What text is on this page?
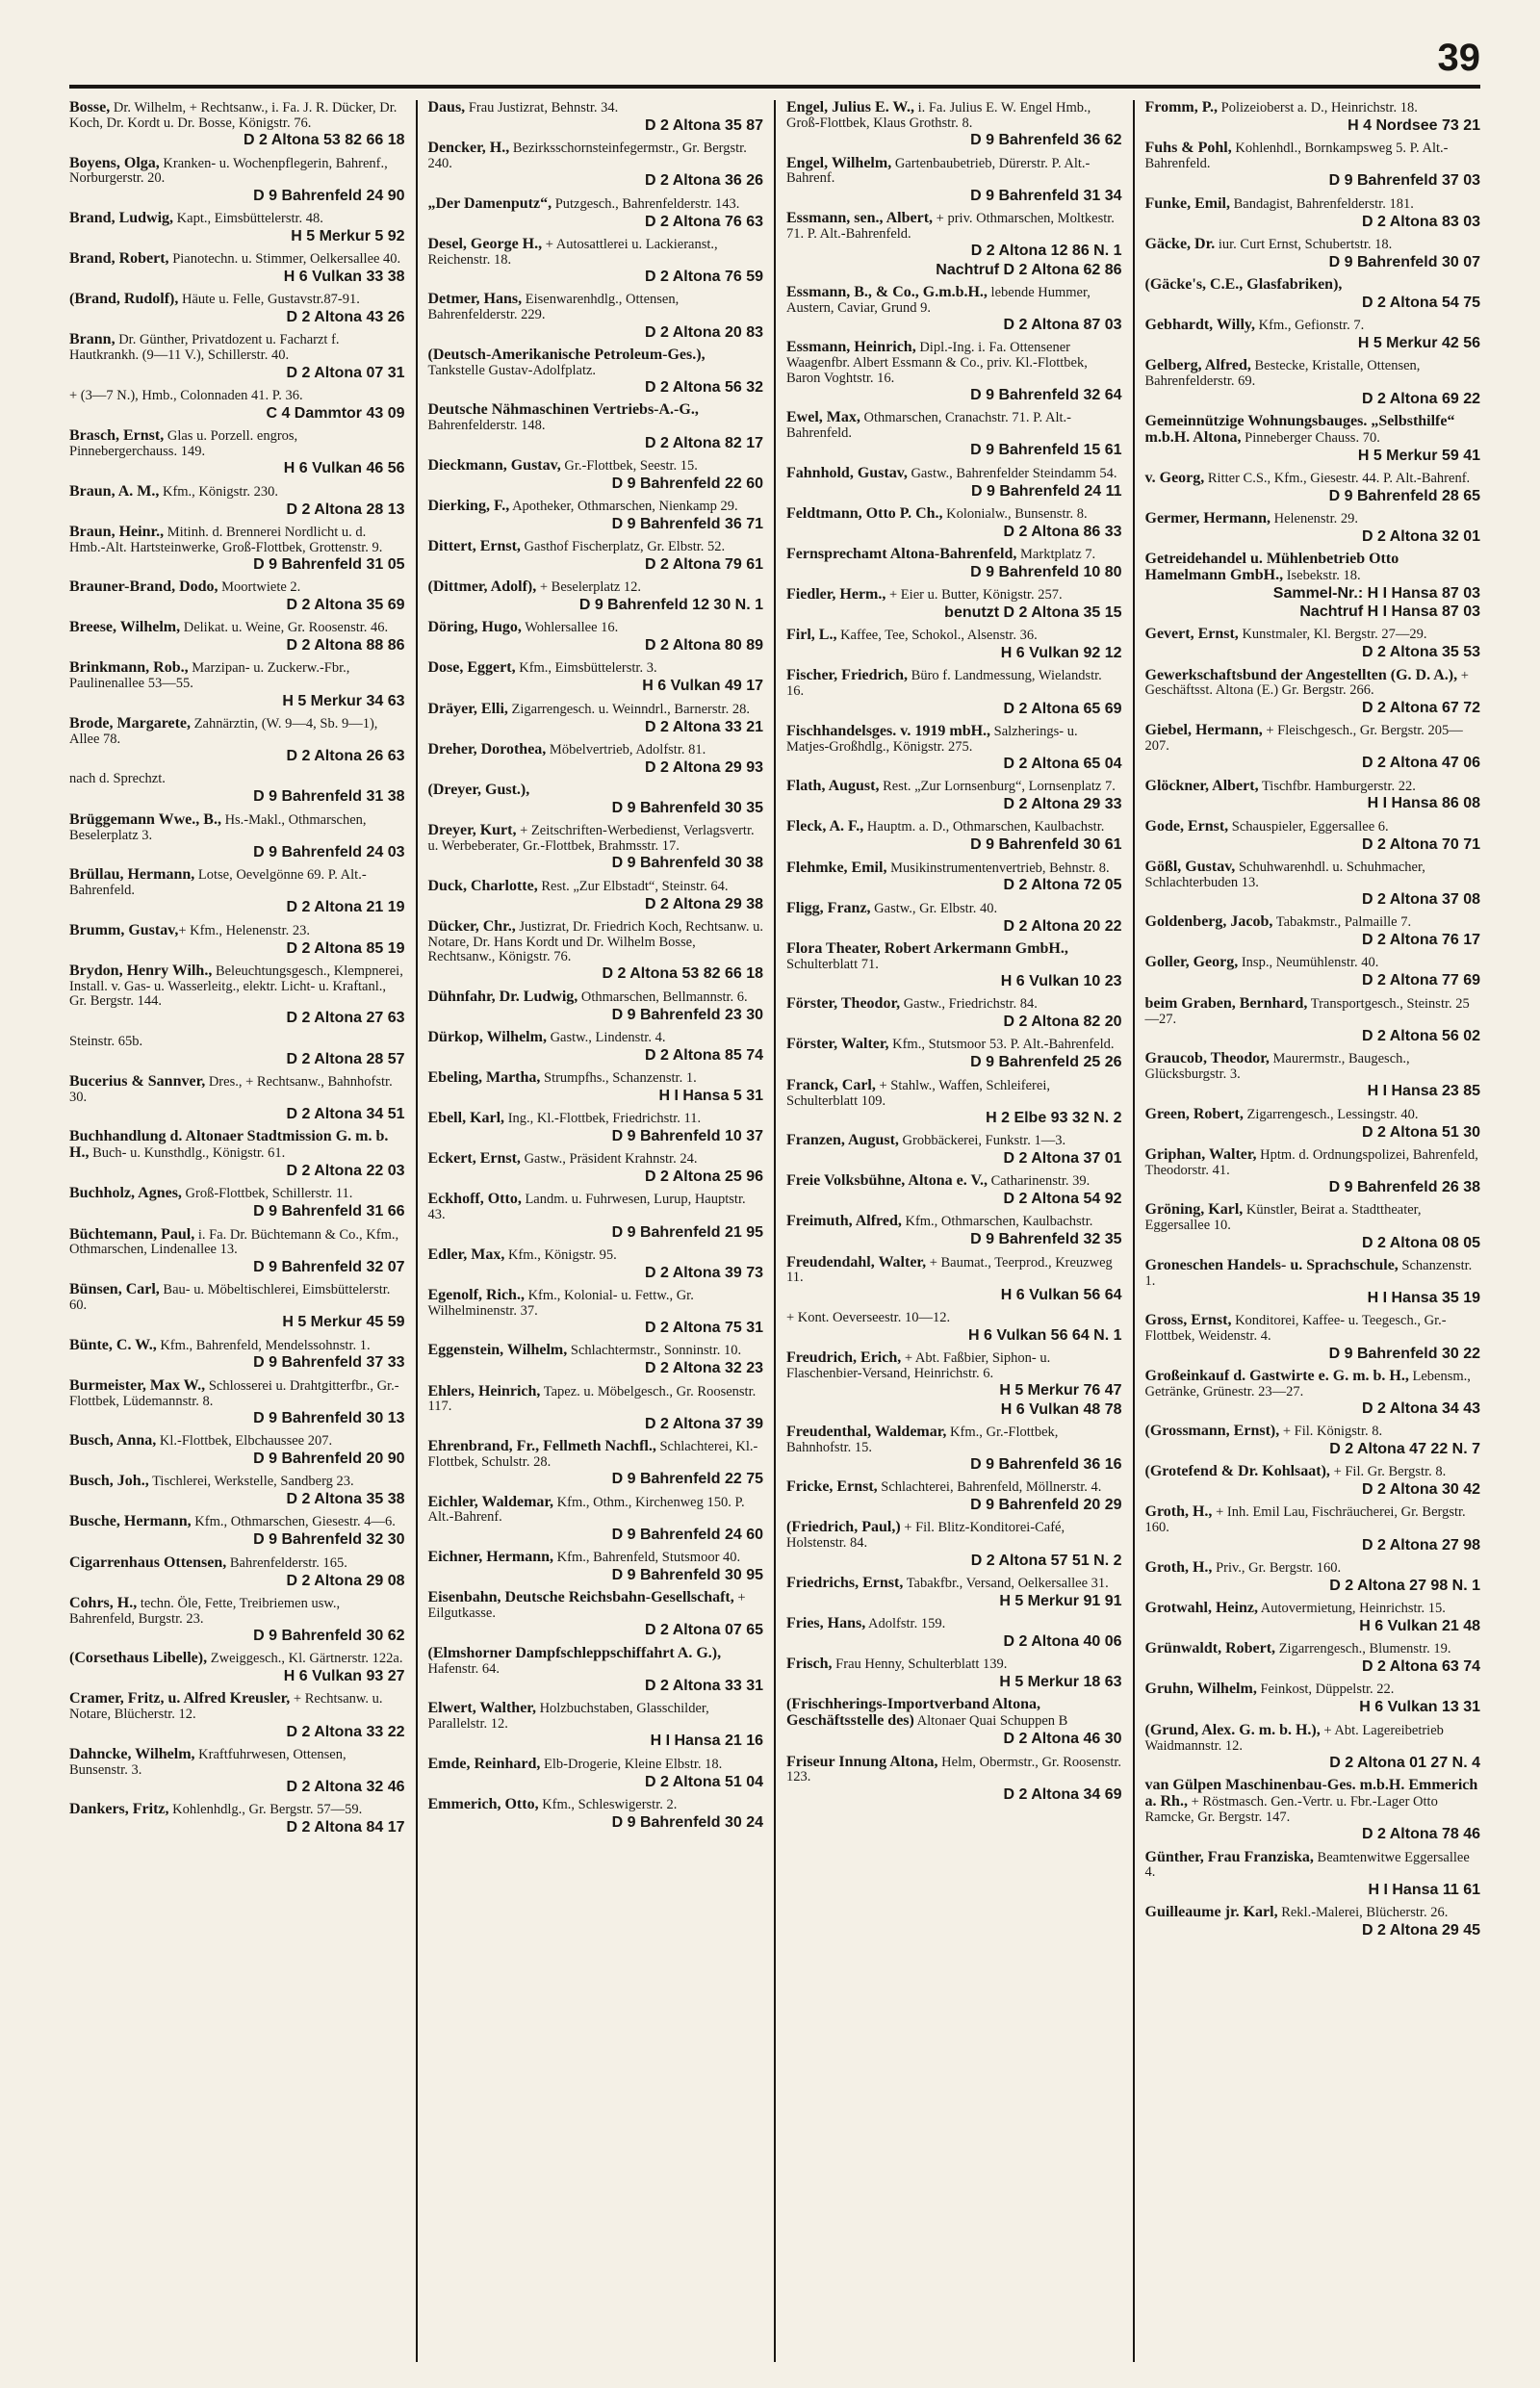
39
Bosse, Dr. Wilhelm, + Rechtsanw., i. Fa. J. R. Dücker, Dr. Koch, Dr. Kordt u. Dr. Bosse, Königstr. 76.
D 2 Altona 53 82 66 18
Boyens, Olga, Kranken- u. Wochenpflegerin, Bahrenf., Norburgerstr. 20.
D 9 Bahrenfeld 24 90
Brand, Ludwig, Kapt., Eimsbüttelerstr. 48.
H 5 Merkur 5 92
Brand, Robert, Pianotechn. u. Stimmer, Oelkersallee 40.
H 6 Vulkan 33 38
(Brand, Rudolf), Häute u. Felle, Gustavstr.87-91.
D 2 Altona 43 26
Brann, Dr. Günther, Privatdozent u. Facharzt f. Hautkrankh. (9—11 V.), Schillerstr. 40.
D 2 Altona 07 31
+ (3—7 N.), Hmb., Colonnaden 41. P. 36.
C 4 Dammtor 43 09
Brasch, Ernst, Glas u. Porzell. engros, Pinnebergerchauss. 149.
H 6 Vulkan 46 56
Braun, A. M., Kfm., Königstr. 230.
D 2 Altona 28 13
Braun, Heinr., Mitinh. d. Brennerei Nordlicht u. d. Hmb.-Alt. Hartsteinwerke, Groß-Flottbek, Grottenstr. 9.
D 9 Bahrenfeld 31 05
Brauner-Brand, Dodo, Moortwiete 2.
D 2 Altona 35 69
Breese, Wilhelm, Delikat. u. Weine, Gr. Roosenstr. 46.
D 2 Altona 88 86
Brinkmann, Rob., Marzipan- u. Zuckerw.-Fbr., Paulinenallee 53—55.
H 5 Merkur 34 63
Brode, Margarete, Zahnärztin, (W. 9—4, Sb. 9—1), Allee 78.
D 2 Altona 26 63
nach d. Sprechzt.
D 9 Bahrenfeld 31 38
Brüggemann Wwe., B., Hs.-Makl., Othmarschen, Beselerplatz 3.
D 9 Bahrenfeld 24 03
Brüllau, Hermann, Lotse, Oevelgönne 69. P. Alt.-Bahrenfeld.
D 2 Altona 21 19
Brumm, Gustav,+ Kfm., Helenenstr. 23.
D 2 Altona 85 19
Brydon, Henry Wilh., Beleuchtungsgesch., Klempnerei, Install. v. Gas- u. Wasserleitg., elektr. Licht- u. Kraftanl., Gr. Bergstr. 144.
D 2 Altona 27 63
Steinstr. 65b.
D 2 Altona 28 57
Bucerius & Sannver, Dres., + Rechtsanw., Bahnhofstr. 30.
D 2 Altona 34 51
Buchhandlung d. Altonaer Stadtmission G. m. b. H., Buch- u. Kunsthdlg., Königstr. 61.
D 2 Altona 22 03
Buchholz, Agnes, Groß-Flottbek, Schillerstr. 11.
D 9 Bahrenfeld 31 66
Büchtemann, Paul, i. Fa. Dr. Büchtemann & Co., Kfm., Othmarschen, Lindenallee 13.
D 9 Bahrenfeld 32 07
Bünsen, Carl, Bau- u. Möbeltischlerei, Eimsbüttelerstr. 60.
H 5 Merkur 45 59
Bünte, C. W., Kfm., Bahrenfeld, Mendelssohnstr. 1.
D 9 Bahrenfeld 37 33
Burmeister, Max W., Schlosserei u. Drahtgitterfbr., Gr.-Flottbek, Lüdemannstr. 8.
D 9 Bahrenfeld 30 13
Busch, Anna, Kl.-Flottbek, Elbchaussee 207.
D 9 Bahrenfeld 20 90
Busch, Joh., Tischlerei, Werkstelle, Sandberg 23.
D 2 Altona 35 38
Busche, Hermann, Kfm., Othmarschen, Giesestr. 4—6.
D 9 Bahrenfeld 32 30
Cigarrenhaus Ottensen, Bahrenfelderstr. 165.
D 2 Altona 29 08
Cohrs, H., techn. Öle, Fette, Treibriemen usw., Bahrenfeld, Burgstr. 23.
D 9 Bahrenfeld 30 62
(Corsethaus Libelle), Zweiggesch., Kl. Gärtnerstr. 122a.
H 6 Vulkan 93 27
Cramer, Fritz, u. Alfred Kreusler, + Rechtsanw. u. Notare, Blücherstr. 12.
D 2 Altona 33 22
Dahncke, Wilhelm, Kraftfuhrwesen, Ottensen, Bunsenstr. 3.
D 2 Altona 32 46
Dankers, Fritz, Kohlenhdlg., Gr. Bergstr. 57—59.
D 2 Altona 84 17
Daus, Frau Justizrat, Behnstr. 34.
D 2 Altona 35 87
Dencker, H., Bezirksschornsteinfegermstr., Gr. Bergstr. 240.
D 2 Altona 36 26
„Der Damenputz“, Putzgesch., Bahrenfelderstr. 143.
D 2 Altona 76 63
Desel, George H., + Autosattlerei u. Lackieranst., Reichenstr. 18.
D 2 Altona 76 59
Detmer, Hans, Eisenwarenhdlg., Ottensen, Bahrenfelderstr. 229.
D 2 Altona 20 83
(Deutsch-Amerikanische Petroleum-Ges.), Tankstelle Gustav-Adolfplatz.
D 2 Altona 56 32
Deutsche Nähmaschinen Vertriebs-A.-G., Bahrenfelderstr. 148.
D 2 Altona 82 17
Dieckmann, Gustav, Gr.-Flottbek, Seestr. 15.
D 9 Bahrenfeld 22 60
Dierking, F., Apotheker, Othmarschen, Nienkamp 29.
D 9 Bahrenfeld 36 71
Dittert, Ernst, Gasthof Fischerplatz, Gr. Elbstr. 52.
D 2 Altona 79 61
(Dittmer, Adolf), + Beselerplatz 12.
D 9 Bahrenfeld 12 30 N. 1
Döring, Hugo, Wohlersallee 16.
D 2 Altona 80 89
Dose, Eggert, Kfm., Eimsbüttelerstr. 3.
H 6 Vulkan 49 17
Dräyer, Elli, Zigarrengesch. u. Weinndrl., Barnerstr. 28.
D 2 Altona 33 21
Dreher, Dorothea, Möbelvertrieb, Adolfstr. 81.
D 2 Altona 29 93
(Dreyer, Gust.),
D 9 Bahrenfeld 30 35
Dreyer, Kurt, + Zeitschriften-Werbedienst, Verlagsvertr. u. Werbeberater, Gr.-Flottbek, Brahmsstr. 17.
D 9 Bahrenfeld 30 38
Duck, Charlotte, Rest. „Zur Elbstadt“, Steinstr. 64.
D 2 Altona 29 38
Dücker, Chr., Justizrat, Dr. Friedrich Koch, Rechtsanw. u. Notare, Dr. Hans Kordt und Dr. Wilhelm Bosse, Rechtsanw., Königstr. 76.
D 2 Altona 53 82 66 18
Dühnfahr, Dr. Ludwig, Othmarschen, Bellmannstr. 6.
D 9 Bahrenfeld 23 30
Dürkop, Wilhelm, Gastw., Lindenstr. 4.
D 2 Altona 85 74
Ebeling, Martha, Strumpfhs., Schanzenstr. 1.
H I Hansa 5 31
Ebell, Karl, Ing., Kl.-Flottbek, Friedrichstr. 11.
D 9 Bahrenfeld 10 37
Eckert, Ernst, Gastw., Präsident Krahnstr. 24.
D 2 Altona 25 96
Eckhoff, Otto, Landm. u. Fuhrwesen, Lurup, Hauptstr. 43.
D 9 Bahrenfeld 21 95
Edler, Max, Kfm., Königstr. 95.
D 2 Altona 39 73
Egenolf, Rich., Kfm., Kolonial- u. Fettw., Gr. Wilhelminenstr. 37.
D 2 Altona 75 31
Eggenstein, Wilhelm, Schlachtermstr., Sonninstr. 10.
D 2 Altona 32 23
Ehlers, Heinrich, Tapez. u. Möbelgesch., Gr. Roosenstr. 117.
D 2 Altona 37 39
Ehrenbrand, Fr., Fellmeth Nachfl., Schlachterei, Kl.-Flottbek, Schulstr. 28.
D 9 Bahrenfeld 22 75
Eichler, Waldemar, Kfm., Othm., Kirchenweg 150. P. Alt.-Bahrenf.
D 9 Bahrenfeld 24 60
Eichner, Hermann, Kfm., Bahrenfeld, Stutsmoor 40.
D 9 Bahrenfeld 30 95
Eisenbahn, Deutsche Reichsbahn-Gesellschaft, + Eilgutkasse.
D 2 Altona 07 65
(Elmshorner Dampfschleppschiffahrt A. G.), Hafenstr. 64.
D 2 Altona 33 31
Elwert, Walther, Holzbuchstaben, Glasschilder, Parallelstr. 12.
H I Hansa 21 16
Emde, Reinhard, Elb-Drogerie, Kleine Elbstr. 18.
D 2 Altona 51 04
Emmerich, Otto, Kfm., Schleswigerstr. 2.
D 9 Bahrenfeld 30 24
Engel, Julius E. W., i. Fa. Julius E. W. Engel Hmb., Groß-Flottbek, Klaus Grothstr. 8.
D 9 Bahrenfeld 36 62
Engel, Wilhelm, Gartenbaubetrieb, Dürerstr. P. Alt.-Bahrenf.
D 9 Bahrenfeld 31 34
Essmann, sen., Albert, + priv. Othmarschen, Moltkestr. 71. P. Alt.-Bahrenfeld.
D 2 Altona 12 86 N. 1
Nachtruf D 2 Altona 62 86
Essmann, B., & Co., G.m.b.H., lebende Hummer, Austern, Caviar, Grund 9.
D 2 Altona 87 03
Essmann, Heinrich, Dipl.-Ing. i. Fa. Ottensener Waagenfbr. Albert Essmann & Co., priv. Kl.-Flottbek, Baron Voghtstr. 16.
D 9 Bahrenfeld 32 64
Ewel, Max, Othmarschen, Cranachstr. 71. P. Alt.-Bahrenfeld.
D 9 Bahrenfeld 15 61
Fahnhold, Gustav, Gastw., Bahrenfelder Steindamm 54.
D 9 Bahrenfeld 24 11
Feldtmann, Otto P. Ch., Kolonialw., Bunsenstr. 8.
D 2 Altona 86 33
Fernsprechamt Altona-Bahrenfeld, Marktplatz 7.
D 9 Bahrenfeld 10 80
Fiedler, Herm., + Eier u. Butter, Königstr. 257.
benutzt D 2 Altona 35 15
Firl, L., Kaffee, Tee, Schokol., Alsenstr. 36.
H 6 Vulkan 92 12
Fischer, Friedrich, Büro f. Landmessung, Wielandstr. 16.
D 2 Altona 65 69
Fischhandelsges. v. 1919 mbH., Salzherings- u. Matjes-Großhdlg., Königstr. 275.
D 2 Altona 65 04
Flath, August, Rest. „Zur Lornsenburg“, Lornsenplatz 7.
D 2 Altona 29 33
Fleck, A. F., Hauptm. a. D., Othmarschen, Kaulbachstr.
D 9 Bahrenfeld 30 61
Flehmke, Emil, Musikinstrumentenvertrieb, Behnstr. 8.
D 2 Altona 72 05
Fligg, Franz, Gastw., Gr. Elbstr. 40.
D 2 Altona 20 22
Flora Theater, Robert Arkermann GmbH., Schulterblatt 71.
H 6 Vulkan 10 23
Förster, Theodor, Gastw., Friedrichstr. 84.
D 2 Altona 82 20
Förster, Walter, Kfm., Stutsmoor 53. P. Alt.-Bahrenfeld.
D 9 Bahrenfeld 25 26
Franck, Carl, + Stahlw., Waffen, Schleiferei, Schulterblatt 109.
H 2 Elbe 93 32 N. 2
Franzen, August, Grobbäckerei, Funkstr. 1—3.
D 2 Altona 37 01
Freie Volksbühne, Altona e. V., Catharinenstr. 39.
D 2 Altona 54 92
Freimuth, Alfred, Kfm., Othmarschen, Kaulbachstr.
D 9 Bahrenfeld 32 35
Freudendahl, Walter, + Baumat., Teerprod., Kreuzweg 11.
H 6 Vulkan 56 64
+ Kont. Oeverseestr. 10—12.
H 6 Vulkan 56 64 N. 1
Freudrich, Erich, + Abt. Faßbier, Siphon- u. Flaschenbier-Versand, Heinrichstr. 6.
H 5 Merkur 76 47
H 6 Vulkan 48 78
Freudenthal, Waldemar, Kfm., Gr.-Flottbek, Bahnhofstr. 15.
D 9 Bahrenfeld 36 16
Fricke, Ernst, Schlachterei, Bahrenfeld, Möllnerstr. 4.
D 9 Bahrenfeld 20 29
(Friedrich, Paul,) + Fil. Blitz-Konditorei-Café, Holstenstr. 84.
D 2 Altona 57 51 N. 2
Friedrichs, Ernst, Tabakfbr., Versand, Oelkersallee 31.
H 5 Merkur 91 91
Fries, Hans, Adolfstr. 159.
D 2 Altona 40 06
Frisch, Frau Henny, Schulterblatt 139.
H 5 Merkur 18 63
(Frischherings-Importverband Altona, Geschäftsstelle des) Altonaer Quai Schuppen B
D 2 Altona 46 30
Friseur Innung Altona, Helm, Obermstr., Gr. Roosenstr. 123.
D 2 Altona 34 69
Fromm, P., Polizeioberst a. D., Heinrichstr. 18.
H 4 Nordsee 73 21
Fuhs & Pohl, Kohlenhdl., Bornkampsweg 5. P. Alt.-Bahrenfeld.
D 9 Bahrenfeld 37 03
Funke, Emil, Bandagist, Bahrenfelderstr. 181.
D 2 Altona 83 03
Gäcke, Dr. iur. Curt Ernst, Schubertstr. 18.
D 9 Bahrenfeld 30 07
(Gäcke's, C.E., Glasfabriken),
D 2 Altona 54 75
Gebhardt, Willy, Kfm., Gefionstr. 7.
H 5 Merkur 42 56
Gelberg, Alfred, Bestecke, Kristalle, Ottensen, Bahrenfelderstr. 69.
D 2 Altona 69 22
Gemeinnützige Wohnungsbauges. „Selbsthilfe“ m.b.H. Altona, Pinneberger Chauss. 70.
H 5 Merkur 59 41
v. Georg, Ritter C.S., Kfm., Giesestr. 44. P. Alt.-Bahrenf.
D 9 Bahrenfeld 28 65
Germer, Hermann, Helenenstr. 29.
D 2 Altona 32 01
Getreidehandel u. Mühlenbetrieb Otto Hamelmann GmbH., Isebekstr. 18.
Sammel-Nr.: H I Hansa 87 03
Nachtruf H I Hansa 87 03
Gevert, Ernst, Kunstmaler, Kl. Bergstr. 27—29.
D 2 Altona 35 53
Gewerkschaftsbund der Angestellten (G. D. A.), + Geschäftsst. Altona (E.) Gr. Bergstr. 266.
D 2 Altona 67 72
Giebel, Hermann, + Fleischgesch., Gr. Bergstr. 205—207.
D 2 Altona 47 06
Glöckner, Albert, Tischfbr. Hamburgerstr. 22.
H I Hansa 86 08
Gode, Ernst, Schauspieler, Eggersallee 6.
D 2 Altona 70 71
Gößl, Gustav, Schuhwarenhdl. u. Schuhmacher, Schlachterbuden 13.
D 2 Altona 37 08
Goldenberg, Jacob, Tabakmstr., Palmaille 7.
D 2 Altona 76 17
Goller, Georg, Insp., Neumühlenstr. 40.
D 2 Altona 77 69
beim Graben, Bernhard, Transportgesch., Steinstr. 25—27.
D 2 Altona 56 02
Graucob, Theodor, Maurermstr., Baugesch., Glücksburgstr. 3.
H I Hansa 23 85
Green, Robert, Zigarrengesch., Lessingstr. 40.
D 2 Altona 51 30
Griphan, Walter, Hptm. d. Ordnungspolizei, Bahrenfeld, Theodorstr. 41.
D 9 Bahrenfeld 26 38
Gröning, Karl, Künstler, Beirat a. Stadttheater, Eggersallee 10.
D 2 Altona 08 05
Groneschen Handels- u. Sprachschule, Schanzenstr. 1.
H I Hansa 35 19
Gross, Ernst, Konditorei, Kaffee- u. Teegesch., Gr.-Flottbek, Weidenstr. 4.
D 9 Bahrenfeld 30 22
Großeinkauf d. Gastwirte e. G. m. b. H., Lebensm., Getränke, Grünestr. 23—27.
D 2 Altona 34 43
(Grossmann, Ernst), + Fil. Königstr. 8.
D 2 Altona 47 22 N. 7
(Grotefend & Dr. Kohlsaat), + Fil. Gr. Bergstr. 8.
D 2 Altona 30 42
Groth, H., + Inh. Emil Lau, Fischräucherei, Gr. Bergstr. 160.
D 2 Altona 27 98
Groth, H., Priv., Gr. Bergstr. 160.
D 2 Altona 27 98 N. 1
Grotwahl, Heinz, Autovermietung, Heinrichstr. 15.
H 6 Vulkan 21 48
Grünwaldt, Robert, Zigarrengesch., Blumenstr. 19.
D 2 Altona 63 74
Gruhn, Wilhelm, Feinkost, Düppelstr. 22.
H 6 Vulkan 13 31
(Grund, Alex. G. m. b. H.), + Abt. Lagereibetrieb Waidmannstr. 12.
D 2 Altona 01 27 N. 4
van Gülpen Maschinenbau-Ges. m.b.H. Emmerich a. Rh., + Röstmasch. Gen.-Vertr. u. Fbr.-Lager Otto Ramcke, Gr. Bergstr. 147.
D 2 Altona 78 46
Günther, Frau Franziska, Beamtenwitwe Eggersallee 4.
H I Hansa 11 61
Guilleaume jr. Karl, Rekl.-Malerei, Blücherstr. 26.
D 2 Altona 29 45
